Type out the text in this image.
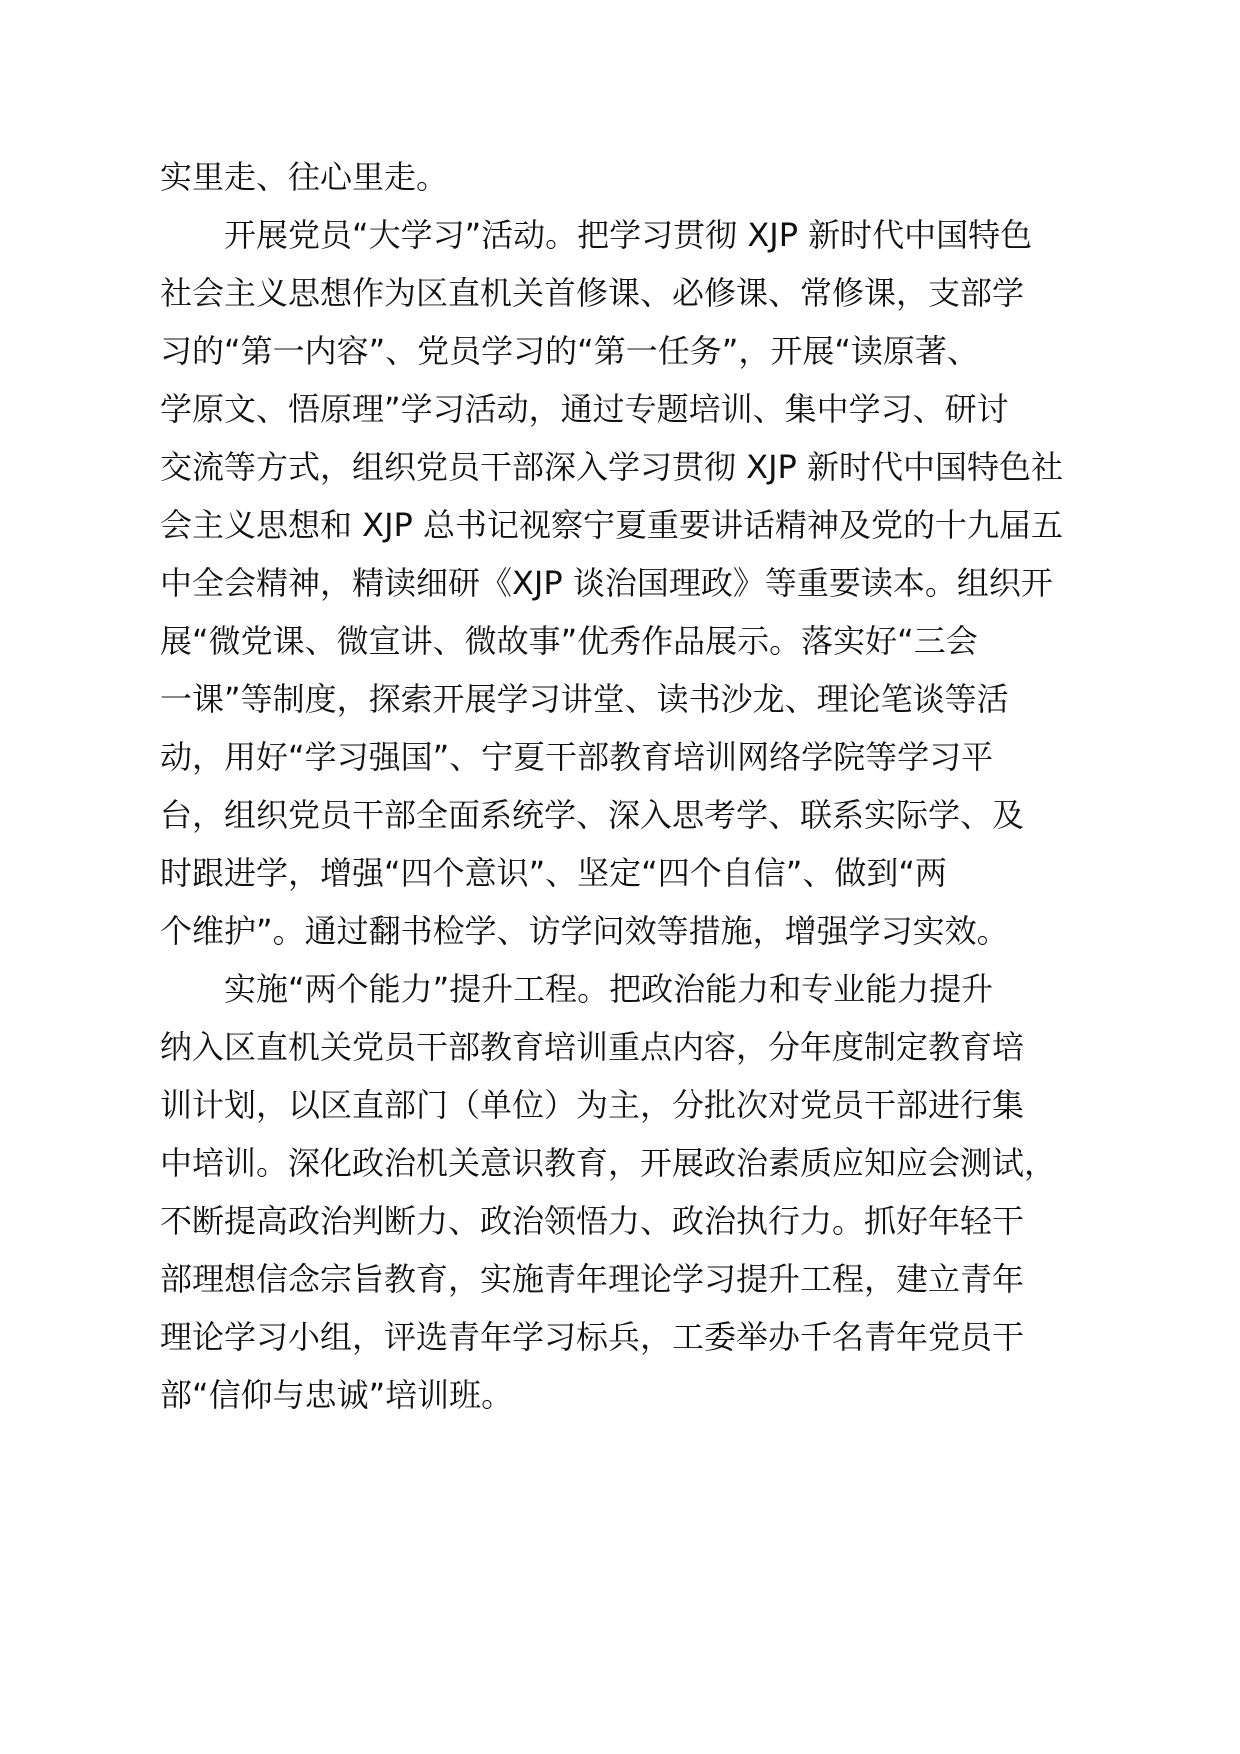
实里走、往心里走。

开展党员“大学习”活动。把学习贯彻 XJP 新时代中国特色

社会主义思想作为区直机关首修课、必修课、常修课，支部学

习的“第一内容”、党员学习的“第一任务”，开展“读原著、

学原文、悟原理”学习活动，通过专题培训、集中学习、研讨

交流等方式，组织党员干部深入学习贯彻 XJP 新时代中国特色社

会主义思想和 XJP 总书记视察宁夏重要讲话精神及党的十九届五

中全会精神，精读细研《XJP 谈治国理政》等重要读本。组织开

展“微党课、微宣讲、微故事”优秀作品展示。落实好“三会

一课”等制度，探索开展学习讲堂、读书沙龙、理论笔谈等活

动，用好“学习强国”、宁夏干部教育培训网络学院等学习平

台，组织党员干部全面系统学、深入思考学、联系实际学、及

时跟进学，增强“四个意识”、坚定“四个自信”、做到“两

个维护”。通过翻书检学、访学问效等措施，增强学习实效。

实施“两个能力”提升工程。把政治能力和专业能力提升

纳入区直机关党员干部教育培训重点内容，分年度制定教育培

训计划，以区直部门（单位）为主，分批次对党员干部进行集

中培训。深化政治机关意识教育，开展政治素质应知应会测试，

不断提高政治判断力、政治领悟力、政治执行力。抓好年轻干

部理想信念宗旨教育，实施青年理论学习提升工程，建立青年

理论学习小组，评选青年学习标兵，工委举办千名青年党员干

部“信仰与忠诚”培训班。
